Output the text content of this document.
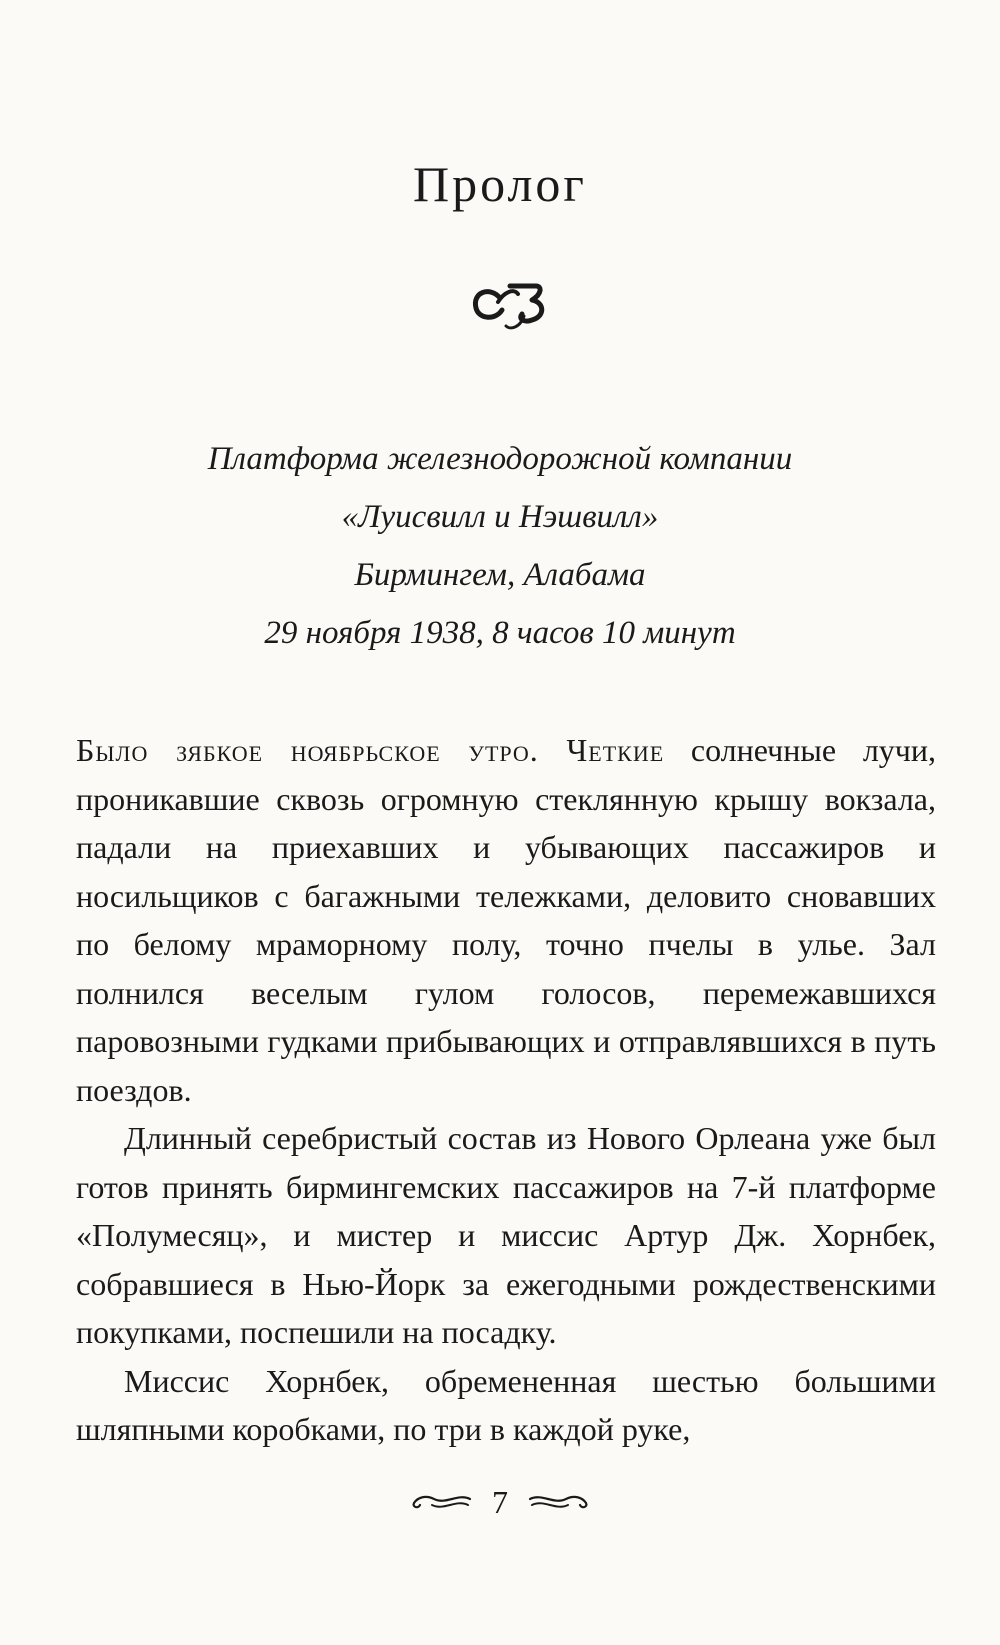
Пролог
Платформа железнодорожной компании
«Луисвилл и Нэшвилл»
Бирмингем, Алабама
29 ноября 1938, 8 часов 10 минут

Было зябкое ноябрьское утро. Четкие солнечные лучи, проникавшие сквозь огромную стеклянную крышу вокзала, падали на приехавших и убывающих пассажиров и носильщиков с багажными тележками, деловито сновавших по белому мраморному полу, точно пчелы в улье. Зал полнился веселым гулом голосов, перемежавшихся паровозными гудками прибывающих и отправлявшихся в путь поездов.

Длинный серебристый состав из Нового Орлеана уже был готов принять бирмингемских пассажиров на 7-й платформе «Полумесяц», и мистер и миссис Артур Дж. Хорнбек, собравшиеся в Нью-Йорк за ежегодными рождественскими покупками, поспешили на посадку.

Миссис Хорнбек, обремененная шестью большими шляпными коробками, по три в каждой руке,

7
